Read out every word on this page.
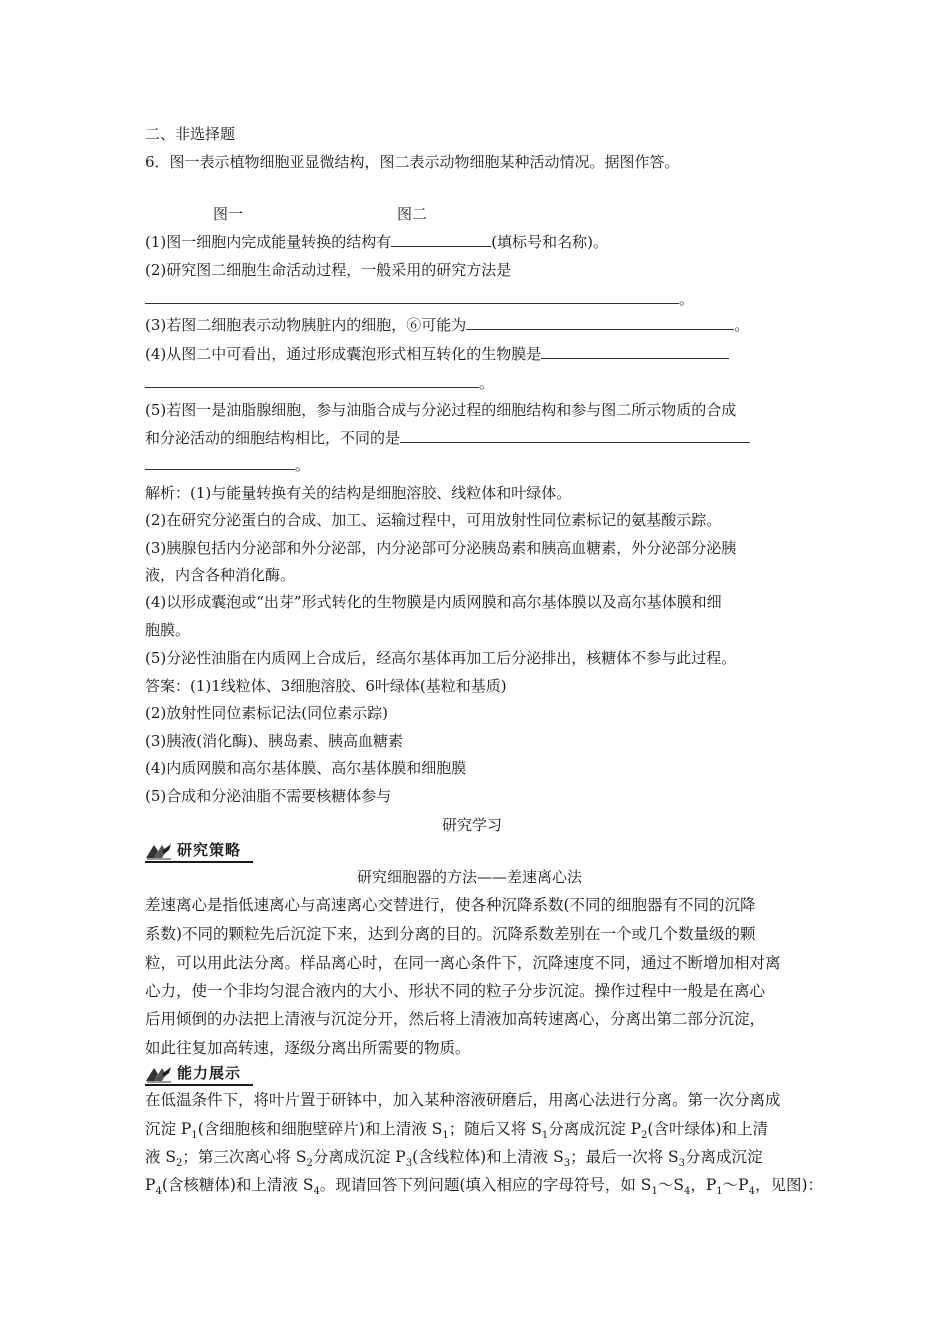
二、非选择题
6．图一表示植物细胞亚显微结构，图二表示动物细胞某种活动情况。据图作答。
图一	图二
(1)图一细胞内完成能量转换的结构有	(填标号和名称)。
(2)研究图二细胞生命活动过程，一般采用的研究方法是
。
(3)若图二细胞表示动物胰脏内的细胞，⑥可能为	。
(4)从图二中可看出，通过形成囊泡形式相互转化的生物膜是
。
(5)若图一是油脂腺细胞，参与油脂合成与分泌过程的细胞结构和参与图二所示物质的合成
和分泌活动的细胞结构相比，不同的是
。
解析：(1)与能量转换有关的结构是细胞溶胶、线粒体和叶绿体。
(2)在研究分泌蛋白的合成、加工、运输过程中，可用放射性同位素标记的氨基酸示踪。
(3)胰腺包括内分泌部和外分泌部，内分泌部可分泌胰岛素和胰高血糖素，外分泌部分泌胰
液，内含各种消化酶。
(4)以形成囊泡或“出芽”形式转化的生物膜是内质网膜和高尔基体膜以及高尔基体膜和细
胞膜。
(5)分泌性油脂在内质网上合成后，经高尔基体再加工后分泌排出，核糖体不参与此过程。
答案：(1)1线粒体、3细胞溶胶、6叶绿体(基粒和基质)
(2)放射性同位素标记法(同位素示踪)
(3)胰液(消化酶)、胰岛素、胰高血糖素
(4)内质网膜和高尔基体膜、高尔基体膜和细胞膜
(5)合成和分泌油脂不需要核糖体参与
研究学习
研究策略
研究细胞器的方法——差速离心法
差速离心是指低速离心与高速离心交替进行，使各种沉降系数(不同的细胞器有不同的沉降
系数)不同的颗粒先后沉淀下来，达到分离的目的。沉降系数差别在一个或几个数量级的颗
粒，可以用此法分离。样品离心时，在同一离心条件下，沉降速度不同，通过不断增加相对离
心力，使一个非均匀混合液内的大小、形状不同的粒子分步沉淀。操作过程中一般是在离心
后用倾倒的办法把上清液与沉淀分开，然后将上清液加高转速离心，分离出第二部分沉淀，
如此往复加高转速，逐级分离出所需要的物质。
能力展示
在低温条件下，将叶片置于研钵中，加入某种溶液研磨后，用离心法进行分离。第一次分离成
沉淀 $P_1$(含细胞核和细胞壁碎片)和上清液 $S_1$；随后又将 $S_1$分离成沉淀 $P_2$(含叶绿体)和上清
液 $S_2$；第三次离心将 $S_2$分离成沉淀 $P_3$(含线粒体)和上清液 $S_3$；最后一次将 $S_3$分离成沉淀
$P_4$(含核糖体)和上清液 $S_4$。现请回答下列问题(填入相应的字母符号，如 $S_1\sim S_4$，$P_1\sim P_4$，见图)：
